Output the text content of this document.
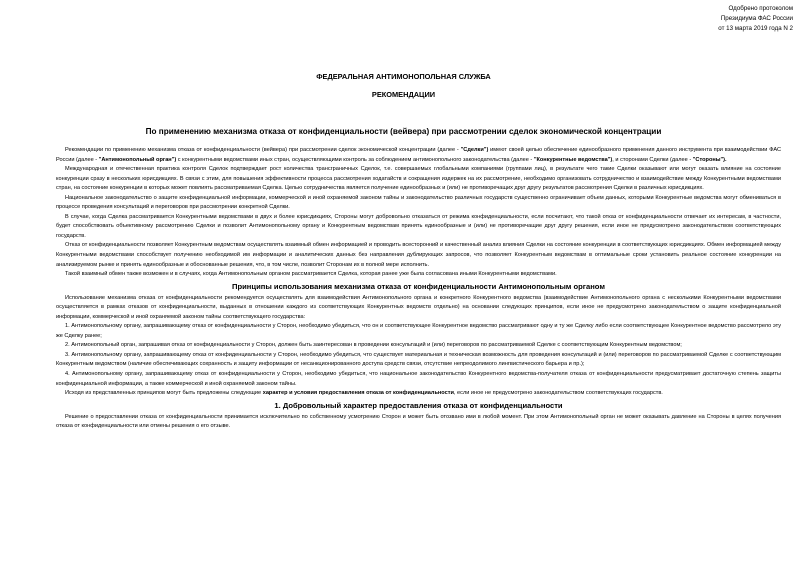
Одобрено протоколом
Президиума ФАС России
от 13 марта 2019 года N 2
ФЕДЕРАЛЬНАЯ АНТИМОНОПОЛЬНАЯ СЛУЖБА
РЕКОМЕНДАЦИИ
По применению механизма отказа от конфиденциальности (вейвера) при рассмотрении сделок экономической концентрации

Рекомендации по применению механизма отказа от конфиденциальности (вейвера) при рассмотрении сделок экономической концентрации (далее - "Сделки") имеют своей целью обеспечение единообразного применения данного инструмента при взаимодействии ФАС России (далее - "Антимонопольный орган") с конкурентными ведомствами иных стран, осуществляющими контроль за соблюдением антимонопольного законодательства (далее - "Конкурентные ведомства"), и сторонами Сделки (далее - "Стороны").

Международная и отечественная практика контроля Сделок подтверждает рост количества трансграничных Сделок, т.е. совершаемых глобальными компаниями (группами лиц), в результате чего такие Сделки оказывают или могут оказать влияние на состояние конкуренции сразу в нескольких юрисдикциях. В связи с этим, для повышения эффективности процесса рассмотрения ходатайств и сокращения издержек на их рассмотрение, необходимо организовать сотрудничество и взаимодействие между Конкурентными ведомствами стран, на состояние конкуренции в которых может повлиять рассматриваемая Сделка. Целью сотрудничества является получение единообразных и (или) не противоречащих друг другу результатов рассмотрения Сделки в различных юрисдикциях.

Национальное законодательство о защите конфиденциальной информации, коммерческой и иной охраняемой законом тайны и законодательство различных государств существенно ограничивает объем данных, которыми Конкурентные ведомства могут обмениваться в процессе проведения консультаций и переговоров при рассмотрении конкретной Сделки.

В случае, когда Сделка рассматривается Конкурентными ведомствами в двух и более юрисдикциях, Стороны могут добровольно отказаться от режима конфиденциальности, если посчитают, что такой отказ от конфиденциальности отвечает их интересам, в частности, будет способствовать объективному рассмотрению Сделки и позволит Антимонопольному органу и Конкурентным ведомствам принять единообразные и (или) не противоречащие друг другу решения, если иное не предусмотрено законодательством соответствующих государств.

Отказ от конфиденциальности позволяет Конкурентным ведомствам осуществлять взаимный обмен информацией и проводить всесторонний и качественный анализ влияния Сделки на состояние конкуренции в соответствующих юрисдикциях. Обмен информацией между Конкурентными ведомствами способствует получению необходимой им информации и аналитических данных без направления дублирующих запросов, что позволяет Конкурентным ведомствам в оптимальные сроки установить реальное состояние конкуренции на анализируемом рынке и принять единообразные и обоснованные решения, что, в том числе, позволит Сторонам их в полной мере исполнить.

Такой взаимный обмен также возможен и в случаях, когда Антимонопольным органом рассматривается Сделка, которая ранее уже была согласована иными Конкурентными ведомствами.

Принципы использования механизма отказа от конфиденциальности Антимонопольным органом

Использование механизма отказа от конфиденциальности рекомендуется осуществлять для взаимодействия Антимонопольного органа и конкретного Конкурентного ведомства (взаимодействие Антимонопольного органа с несколькими Конкурентными ведомствами осуществляется в рамках отказов от конфиденциальности, выданных в отношении каждого из соответствующих Конкурентных ведомств отдельно) на основании следующих принципов, если иное не предусмотрено законодательством о защите конфиденциальной информации, коммерческой и иной охраняемой законом тайны соответствующего государства:

1. Антимонопольному органу, запрашивающему отказ от конфиденциальности у Сторон, необходимо убедиться, что он и соответствующее Конкурентное ведомство рассматривают одну и ту же Сделку либо если соответствующее Конкурентное ведомство рассмотрело эту же Сделку ранее;

2. Антимонопольный орган, запрашивая отказ от конфиденциальности у Сторон, должен быть заинтересован в проведении консультаций и (или) переговоров по рассматриваемой Сделке с соответствующим Конкурентным ведомством;

3. Антимонопольному органу, запрашивающему отказ от конфиденциальности у Сторон, необходимо убедиться, что существует материальная и техническая возможность для проведения консультаций и (или) переговоров по рассматриваемой Сделке с соответствующим Конкурентным ведомством (наличие обеспечивающих сохранность и защиту информации от несанкционированного доступа средств связи, отсутствие непреодолимого лингвистического барьера и пр.);

4. Антимонопольному органу, запрашивающему отказ от конфиденциальности у Сторон, необходимо убедиться, что национальное законодательство Конкурентного ведомства-получателя отказа от конфиденциальности предусматривает достаточную степень защиты конфиденциальной информации, а также коммерческой и иной охраняемой законом тайны.

Исходя из представленных принципов могут быть предложены следующие характер и условия предоставления отказа от конфиденциальности, если иное не предусмотрено законодательством соответствующих государств.

1. Добровольный характер предоставления отказа от конфиденциальности

Решение о предоставлении отказа от конфиденциальности принимается исключительно по собственному усмотрению Сторон и может быть отозвано ими в любой момент. При этом Антимонопольный орган не может оказывать давление на Стороны в целях получения отказа от конфиденциальности или отмены решения о его отзыве.
